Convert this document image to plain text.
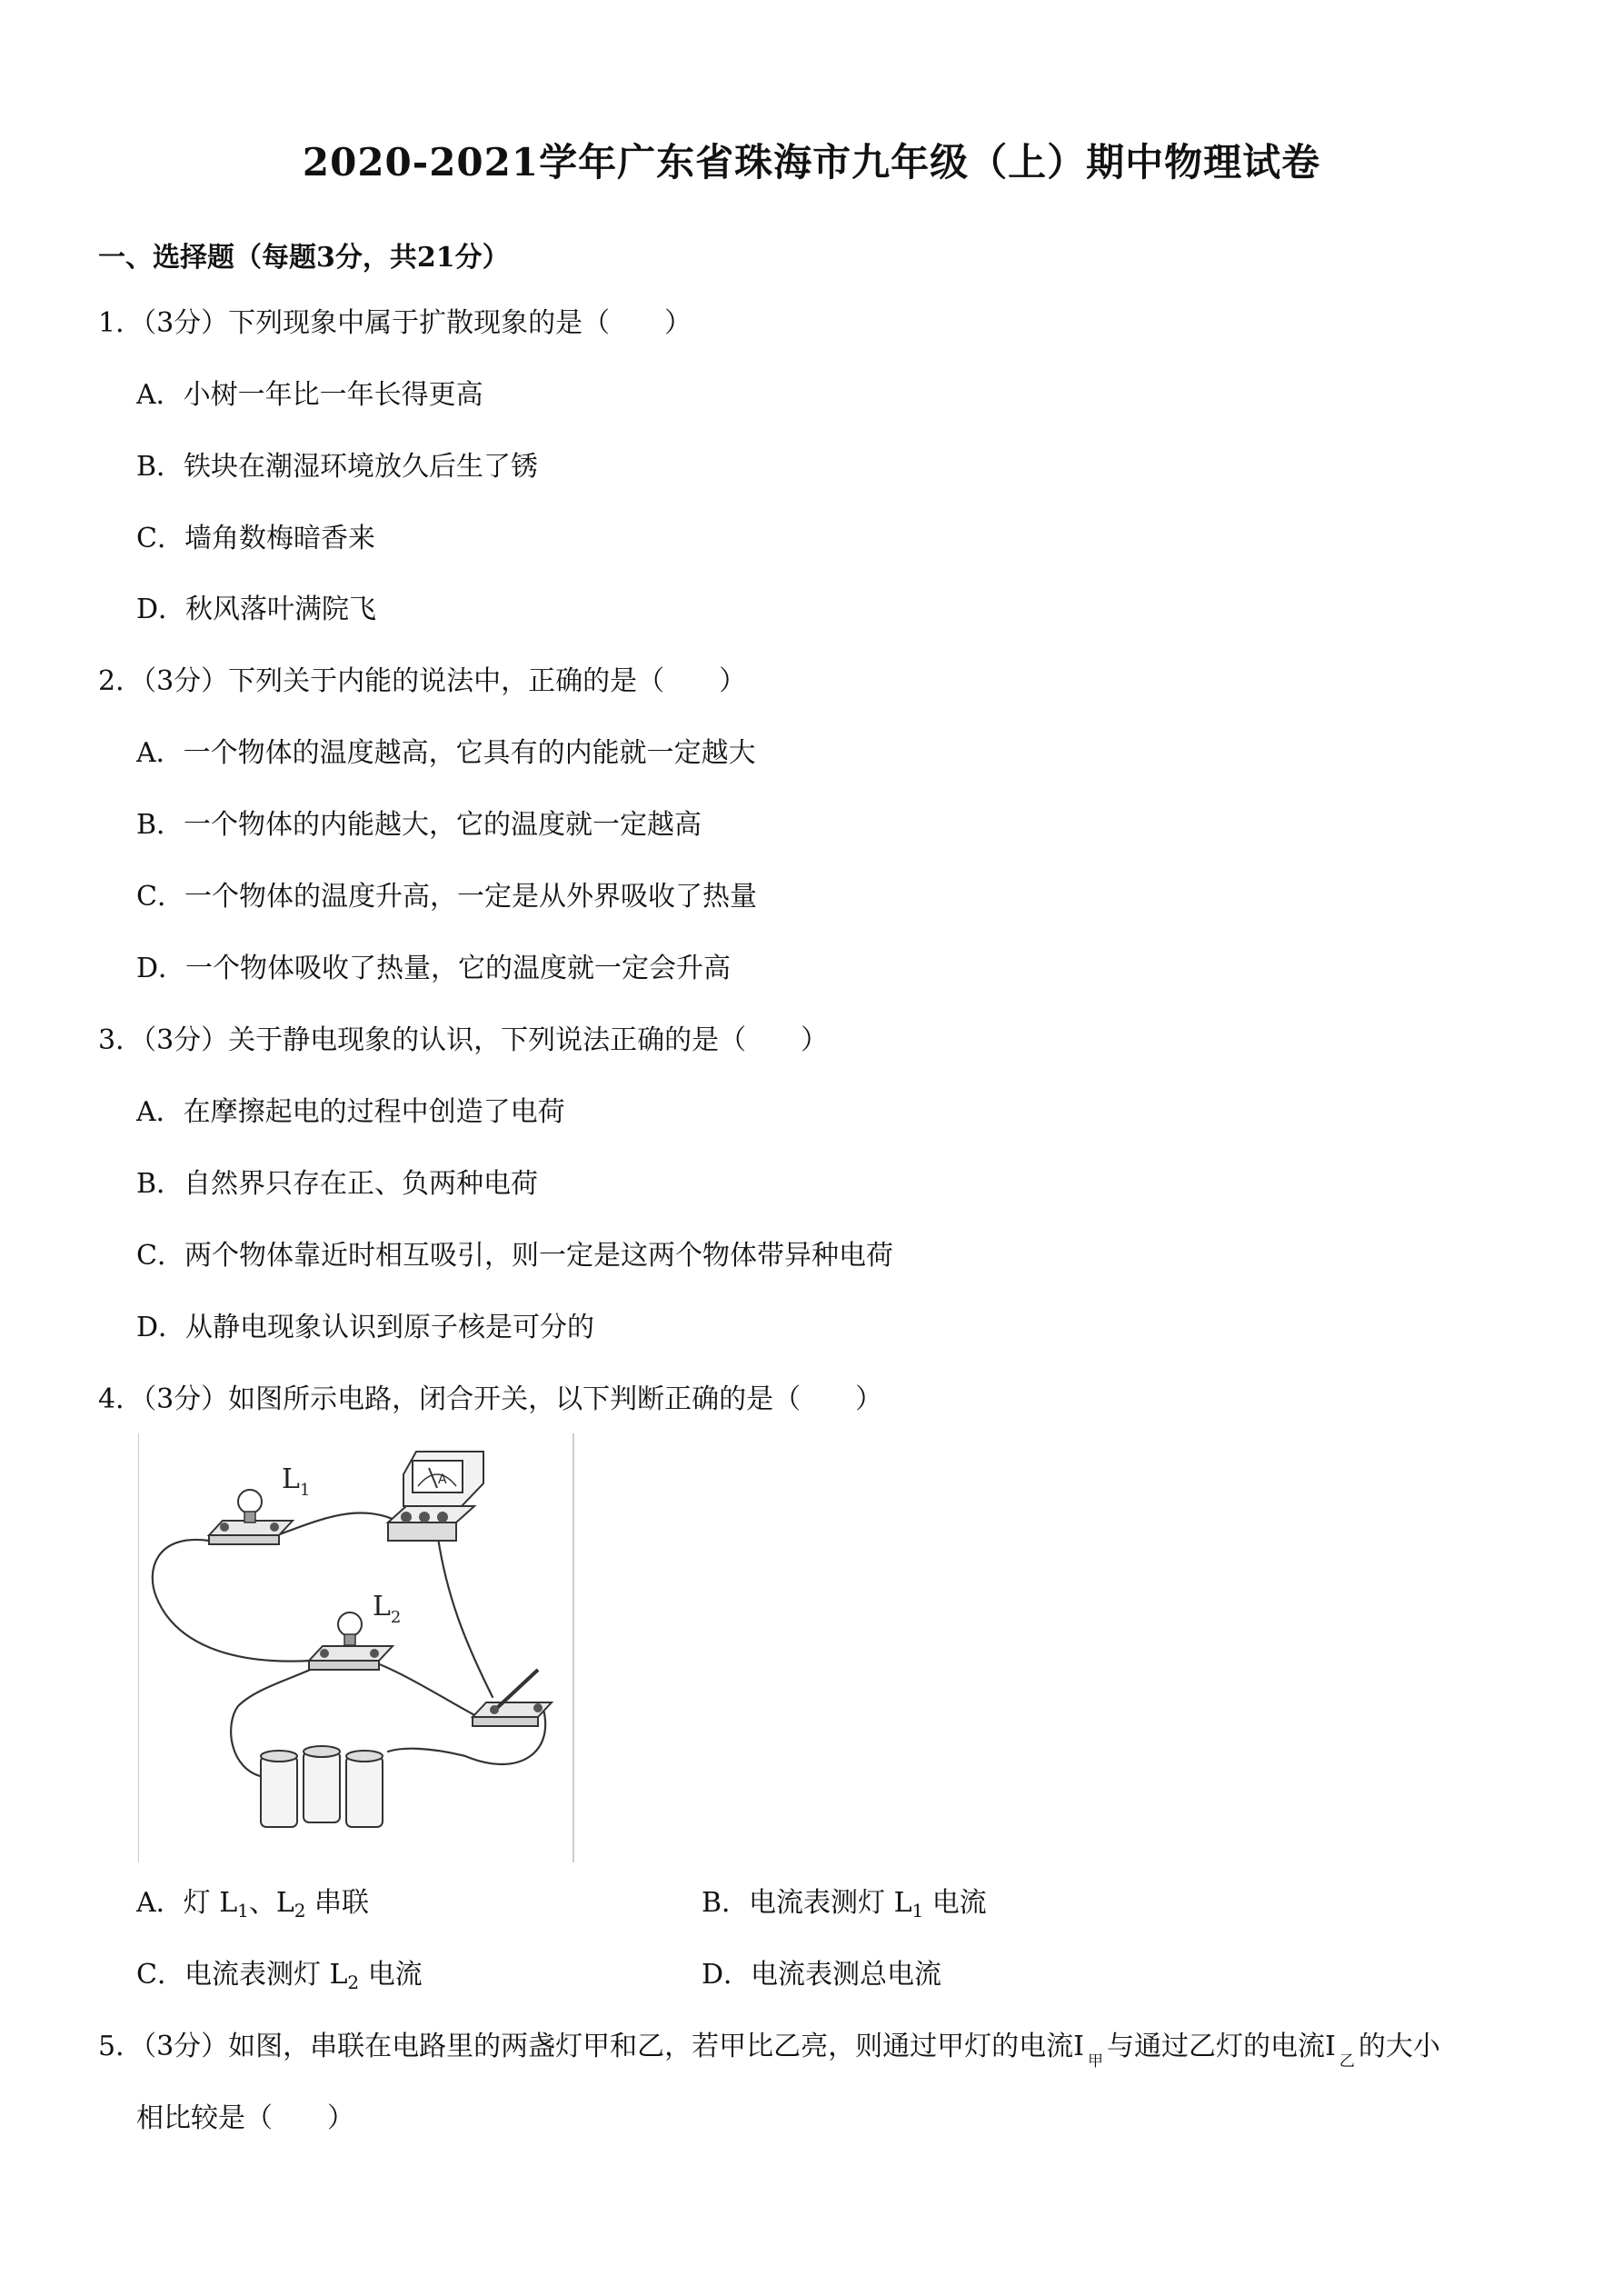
2020-2021学年广东省珠海市九年级（上）期中物理试卷
一、选择题（每题3分，共21分）
1．（3分）下列现象中属于扩散现象的是（　　）
A．小树一年比一年长得更高
B．铁块在潮湿环境放久后生了锈
C．墙角数梅暗香来
D．秋风落叶满院飞
2．（3分）下列关于内能的说法中，正确的是（　　）
A．一个物体的温度越高，它具有的内能就一定越大
B．一个物体的内能越大，它的温度就一定越高
C．一个物体的温度升高，一定是从外界吸收了热量
D．一个物体吸收了热量，它的温度就一定会升高
3．（3分）关于静电现象的认识，下列说法正确的是（　　）
A．在摩擦起电的过程中创造了电荷
B．自然界只存在正、负两种电荷
C．两个物体靠近时相互吸引，则一定是这两个物体带异种电荷
D．从静电现象认识到原子核是可分的
4．（3分）如图所示电路，闭合开关，以下判断正确的是（　　）
$L_1$
A
$L_2$
A．灯 $L_1$、$L_2$ 串联	B．电流表测灯 $L_1$ 电流
C．电流表测灯 $L_2$ 电流	D．电流表测总电流
5．（3分）如图，串联在电路里的两盏灯甲和乙，若甲比乙亮，则通过甲灯的电流I $_甲$ 与通过乙灯的电流I $_乙$ 的大小
相比较是（　　）
